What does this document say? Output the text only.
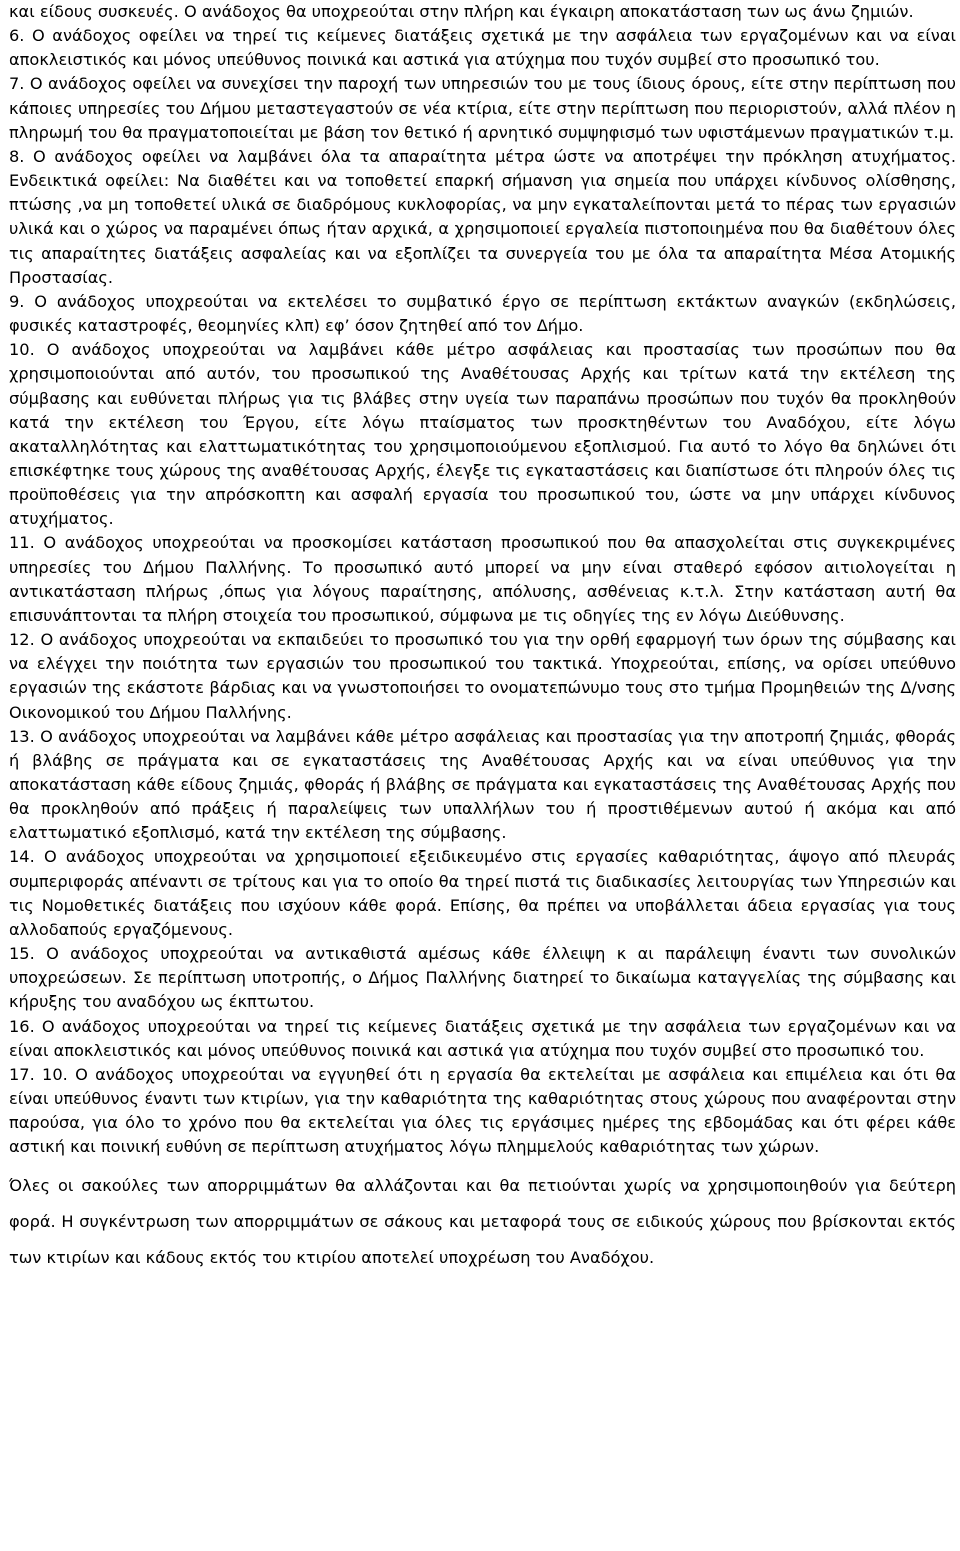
και είδους συσκευές. Ο ανάδοχος θα υποχρεούται στην πλήρη και έγκαιρη αποκατάσταση των ως άνω ζημιών.

6. Ο ανάδοχος οφείλει να τηρεί τις κείμενες διατάξεις σχετικά με την ασφάλεια των εργαζομένων και να είναι αποκλειστικός και μόνος υπεύθυνος ποινικά και αστικά για ατύχημα που τυχόν συμβεί στο προσωπικό του.

7. Ο ανάδοχος οφείλει να συνεχίσει την παροχή των υπηρεσιών του με τους ίδιους όρους, είτε στην περίπτωση που κάποιες υπηρεσίες του Δήμου μεταστεγαστούν σε νέα κτίρια, είτε στην περίπτωση που περιοριστούν, αλλά πλέον η πληρωμή του θα πραγματοποιείται με βάση τον θετικό ή αρνητικό συμψηφισμό των υφιστάμενων πραγματικών τ.μ.

8. Ο ανάδοχος οφείλει να λαμβάνει όλα τα απαραίτητα μέτρα ώστε να αποτρέψει την πρόκληση ατυχήματος. Ενδεικτικά οφείλει: Να διαθέτει και να τοποθετεί επαρκή σήμανση για σημεία που υπάρχει κίνδυνος ολίσθησης, πτώσης ,να μη τοποθετεί υλικά σε διαδρόμους κυκλοφορίας, να μην εγκαταλείπονται μετά το πέρας των εργασιών υλικά και ο χώρος να παραμένει όπως ήταν αρχικά, α χρησιμοποιεί εργαλεία πιστοποιημένα που θα διαθέτουν όλες τις απαραίτητες διατάξεις ασφαλείας και να εξοπλίζει τα συνεργεία του με όλα τα απαραίτητα Μέσα Ατομικής Προστασίας.

9. Ο ανάδοχος υποχρεούται να εκτελέσει το συμβατικό έργο σε περίπτωση εκτάκτων αναγκών (εκδηλώσεις, φυσικές καταστροφές, θεομηνίες κλπ) εφ’ όσον ζητηθεί από τον Δήμο.

10. Ο ανάδοχος υποχρεούται να λαμβάνει κάθε μέτρο ασφάλειας και προστασίας των προσώπων που θα χρησιμοποιούνται από αυτόν, του προσωπικού της Αναθέτουσας Αρχής και τρίτων κατά την εκτέλεση της σύμβασης και ευθύνεται πλήρως για τις βλάβες στην υγεία των παραπάνω προσώπων που τυχόν θα προκληθούν κατά την εκτέλεση του Έργου, είτε λόγω πταίσματος των προσκτηθέντων του Αναδόχου, είτε λόγω ακαταλληλότητας και ελαττωματικότητας του χρησιμοποιούμενου εξοπλισμού. Για αυτό το λόγο θα δηλώνει ότι επισκέφτηκε τους χώρους της αναθέτουσας Αρχής, έλεγξε τις εγκαταστάσεις και διαπίστωσε ότι πληρούν όλες τις προϋποθέσεις για την απρόσκοπτη και ασφαλή εργασία του προσωπικού του, ώστε να μην υπάρχει κίνδυνος ατυχήματος.

11. Ο ανάδοχος υποχρεούται να προσκομίσει κατάσταση προσωπικού που θα απασχολείται στις συγκεκριμένες υπηρεσίες του Δήμου Παλλήνης. Το προσωπικό αυτό μπορεί να μην είναι σταθερό εφόσον αιτιολογείται η αντικατάσταση πλήρως ,όπως για λόγους παραίτησης, απόλυσης, ασθένειας κ.τ.λ. Στην κατάσταση αυτή θα επισυνάπτονται τα πλήρη στοιχεία του προσωπικού, σύμφωνα με τις οδηγίες της εν λόγω Διεύθυνσης.

12. Ο ανάδοχος υποχρεούται να εκπαιδεύει το προσωπικό του για την ορθή εφαρμογή των όρων της σύμβασης και να ελέγχει την ποιότητα των εργασιών του προσωπικού του τακτικά. Υποχρεούται, επίσης, να ορίσει υπεύθυνο εργασιών της εκάστοτε βάρδιας και να γνωστοποιήσει το ονοματεπώνυμο τους στο τμήμα Προμηθειών της Δ/νσης Οικονομικού του Δήμου Παλλήνης.

13. Ο ανάδοχος υποχρεούται να λαμβάνει κάθε μέτρο ασφάλειας και προστασίας για την αποτροπή ζημιάς, φθοράς ή βλάβης σε πράγματα και σε εγκαταστάσεις της Αναθέτουσας Αρχής και να είναι υπεύθυνος για την αποκατάσταση κάθε είδους ζημιάς, φθοράς ή βλάβης σε πράγματα και εγκαταστάσεις της Αναθέτουσας Αρχής που θα προκληθούν από πράξεις ή παραλείψεις των υπαλλήλων του ή προστιθέμενων αυτού ή ακόμα και από ελαττωματικό εξοπλισμό, κατά την εκτέλεση της σύμβασης.

14. Ο ανάδοχος υποχρεούται να χρησιμοποιεί εξειδικευμένο στις εργασίες καθαριότητας, άψογο από πλευράς συμπεριφοράς απέναντι σε τρίτους και για το οποίο θα τηρεί πιστά τις διαδικασίες λειτουργίας των Υπηρεσιών και τις Νομοθετικές διατάξεις που ισχύουν κάθε φορά. Επίσης, θα πρέπει να υποβάλλεται άδεια εργασίας για τους αλλοδαπούς εργαζόμενους.

15. Ο ανάδοχος υποχρεούται να αντικαθιστά αμέσως κάθε έλλειψη κ αι παράλειψη έναντι των συνολικών υποχρεώσεων. Σε περίπτωση υποτροπής, ο Δήμος Παλλήνης διατηρεί το δικαίωμα καταγγελίας της σύμβασης και κήρυξης του αναδόχου ως έκπτωτου.

16. Ο ανάδοχος υποχρεούται να τηρεί τις κείμενες διατάξεις σχετικά με την ασφάλεια των εργαζομένων και να είναι αποκλειστικός και μόνος υπεύθυνος ποινικά και αστικά για ατύχημα που τυχόν συμβεί στο προσωπικό του.

17. 10. Ο ανάδοχος υποχρεούται να εγγυηθεί ότι η εργασία θα εκτελείται με ασφάλεια και επιμέλεια και ότι θα είναι υπεύθυνος έναντι των κτιρίων, για την καθαριότητα της καθαριότητας στους χώρους που αναφέρονται στην παρούσα, για όλο το χρόνο που θα εκτελείται για όλες τις εργάσιμες ημέρες της εβδομάδας και ότι φέρει κάθε αστική και ποινική ευθύνη σε περίπτωση ατυχήματος λόγω πλημμελούς καθαριότητας των χώρων.

Όλες οι σακούλες των απορριμμάτων θα αλλάζονται και θα πετιούνται χωρίς να χρησιμοποιηθούν για δεύτερη φορά. Η συγκέντρωση των απορριμμάτων σε σάκους και μεταφορά τους σε ειδικούς χώρους που βρίσκονται εκτός των κτιρίων και κάδους εκτός του κτιρίου αποτελεί υποχρέωση του Αναδόχου.
